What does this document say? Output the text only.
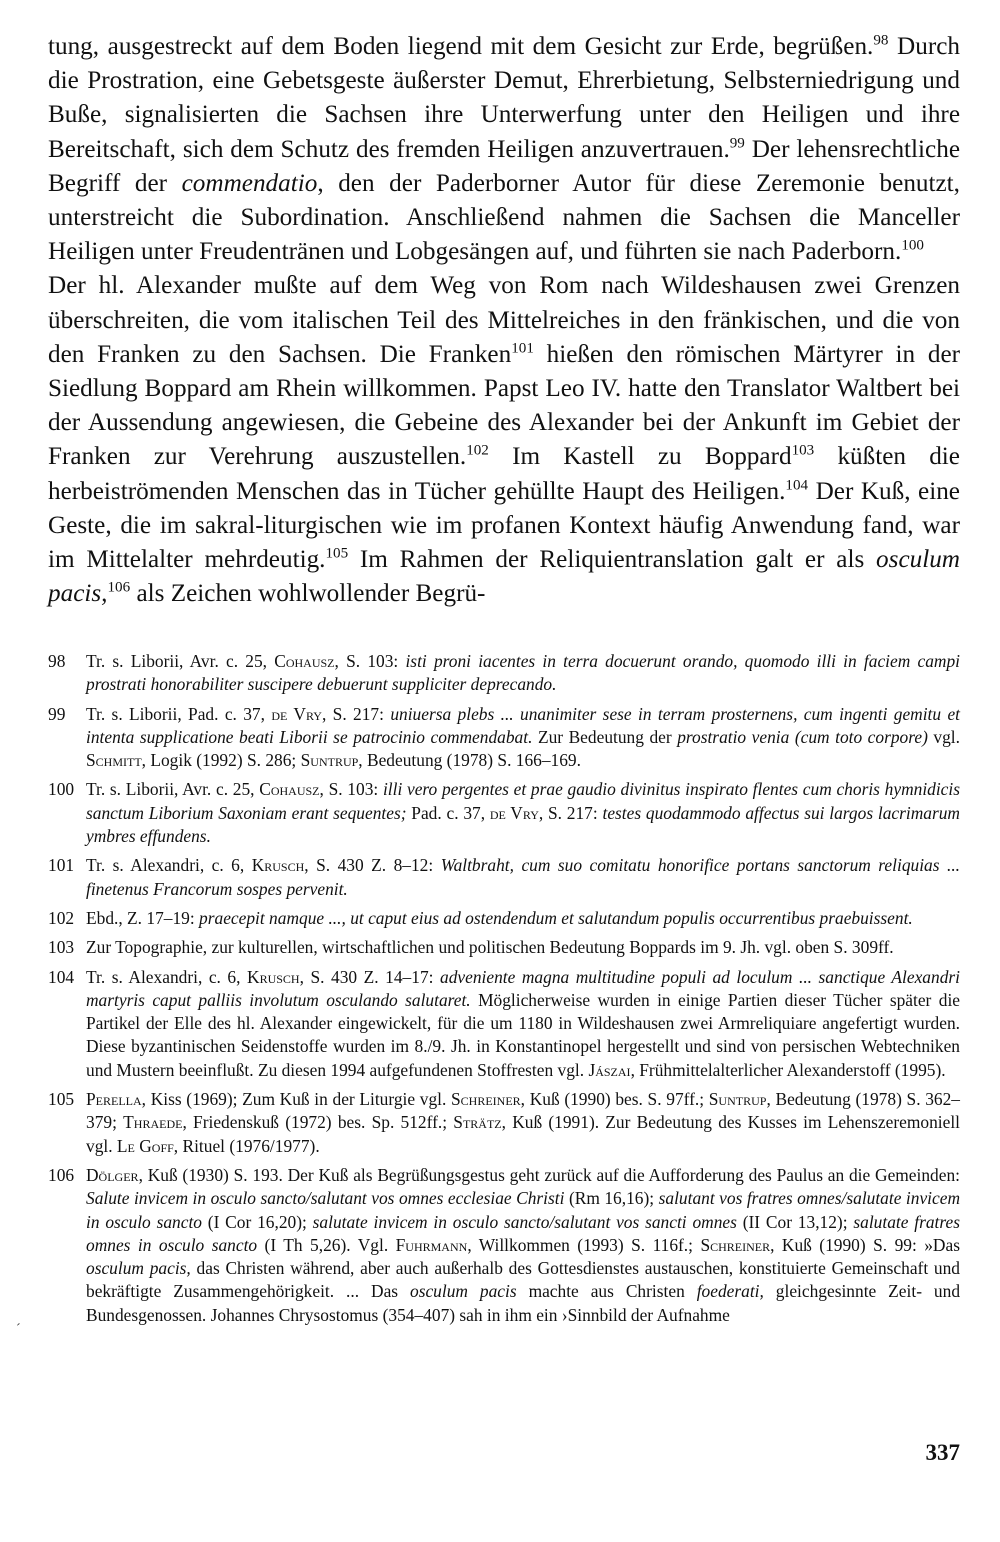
tung, ausgestreckt auf dem Boden liegend mit dem Gesicht zur Erde, begrüßen.$^{98}$ Durch die Prostration, eine Gebetsgeste äußerster Demut, Ehrerbietung, Selbsterniedrigung und Buße, signalisierten die Sachsen ihre Unterwerfung unter den Heiligen und ihre Bereitschaft, sich dem Schutz des fremden Heiligen anzuvertrauen.$^{99}$ Der lehensrechtliche Begriff der commendatio, den der Paderborner Autor für diese Zeremonie benutzt, unterstreicht die Subordination. Anschließend nahmen die Sachsen die Manceller Heiligen unter Freudentränen und Lobgesängen auf, und führten sie nach Paderborn.$^{100}$

Der hl. Alexander mußte auf dem Weg von Rom nach Wildeshausen zwei Grenzen überschreiten, die vom italischen Teil des Mittelreiches in den fränkischen, und die von den Franken zu den Sachsen. Die Franken$^{101}$ hießen den römischen Märtyrer in der Siedlung Boppard am Rhein willkommen. Papst Leo IV. hatte den Translator Waltbert bei der Aussendung angewiesen, die Gebeine des Alexander bei der Ankunft im Gebiet der Franken zur Verehrung auszustellen.$^{102}$ Im Kastell zu Boppard$^{103}$ küßten die herbeiströmenden Menschen das in Tücher gehüllte Haupt des Heiligen.$^{104}$ Der Kuß, eine Geste, die im sakral-liturgischen wie im profanen Kontext häufig Anwendung fand, war im Mittelalter mehrdeutig.$^{105}$ Im Rahmen der Reliquientranslation galt er als osculum pacis,$^{106}$ als Zeichen wohlwollender Begrü-

98	Tr. s. Liborii, Avr. c. 25, Cohausz, S. 103: isti proni iacentes in terra docuerunt orando, quomodo illi in faciem campi prostrati honorabiliter suscipere debuerunt suppliciter deprecando.
99	Tr. s. Liborii, Pad. c. 37, de Vry, S. 217: uniuersa plebs ... unanimiter sese in terram prosternens, cum ingenti gemitu et intenta supplicatione beati Liborii se patrocinio commendabat. Zur Bedeutung der prostratio venia (cum toto corpore) vgl. Schmitt, Logik (1992) S. 286; Suntrup, Bedeutung (1978) S. 166–169.
100 Tr. s. Liborii, Avr. c. 25, Cohausz, S. 103: illi vero pergentes et prae gaudio divinitus inspirato flentes cum choris hymnidicis sanctum Liborium Saxoniam erant sequentes; Pad. c. 37, de Vry, S. 217: testes quodammodo affectus sui largos lacrimarum ymbres effundens.
101 Tr. s. Alexandri, c. 6, Krusch, S. 430 Z. 8–12: Waltbraht, cum suo comitatu honorifice portans sanctorum reliquias ... finetenus Francorum sospes pervenit.
102 Ebd., Z. 17–19: praecepit namque ..., ut caput eius ad ostendendum et salutandum populis occurrentibus praebuissent.
103 Zur Topographie, zur kulturellen, wirtschaftlichen und politischen Bedeutung Boppards im 9. Jh. vgl. oben S. 309ff.
104 Tr. s. Alexandri, c. 6, Krusch, S. 430 Z. 14–17: adveniente magna multitudine populi ad loculum ... sanctique Alexandri martyris caput palliis involutum osculando salutaret. Möglicherweise wurden in einige Partien dieser Tücher später die Partikel der Elle des hl. Alexander eingewickelt, für die um 1180 in Wildeshausen zwei Armreliquiare angefertigt wurden. Diese byzantinischen Seidenstoffe wurden im 8./9. Jh. in Konstantinopel hergestellt und sind von persischen Webtechniken und Mustern beeinflußt. Zu diesen 1994 aufgefundenen Stoffresten vgl. Jászai, Frühmittelalterlicher Alexanderstoff (1995).
105 Perella, Kiss (1969); Zum Kuß in der Liturgie vgl. Schreiner, Kuß (1990) bes. S. 97ff.; Suntrup, Bedeutung (1978) S. 362–379; Thraede, Friedenskuß (1972) bes. Sp. 512ff.; Strätz, Kuß (1991). Zur Bedeutung des Kusses im Lehenszeremoniell vgl. Le Goff, Rituel (1976/1977).
106 Dölger, Kuß (1930) S. 193. Der Kuß als Begrüßungsgestus geht zurück auf die Aufforderung des Paulus an die Gemeinden: Salute invicem in osculo sancto/salutant vos omnes ecclesiae Christi (Rm 16,16); salutant vos fratres omnes/salutate invicem in osculo sancto (I Cor 16,20); salutate invicem in osculo sancto/salutant vos sancti omnes (II Cor 13,12); salutate fratres omnes in osculo sancto (I Th 5,26). Vgl. Fuhrmann, Willkommen (1993) S. 116f.; Schreiner, Kuß (1990) S. 99: »Das osculum pacis, das Christen während, aber auch außerhalb des Gottesdienstes austauschen, konstituierte Gemeinschaft und bekräftigte Zusammengehörigkeit. ... Das osculum pacis machte aus Christen foederati, gleichgesinnte Zeit- und Bundesgenossen. Johannes Chrysostomus (354–407) sah in ihm ein ›Sinnbild der Aufnahme
337
´
